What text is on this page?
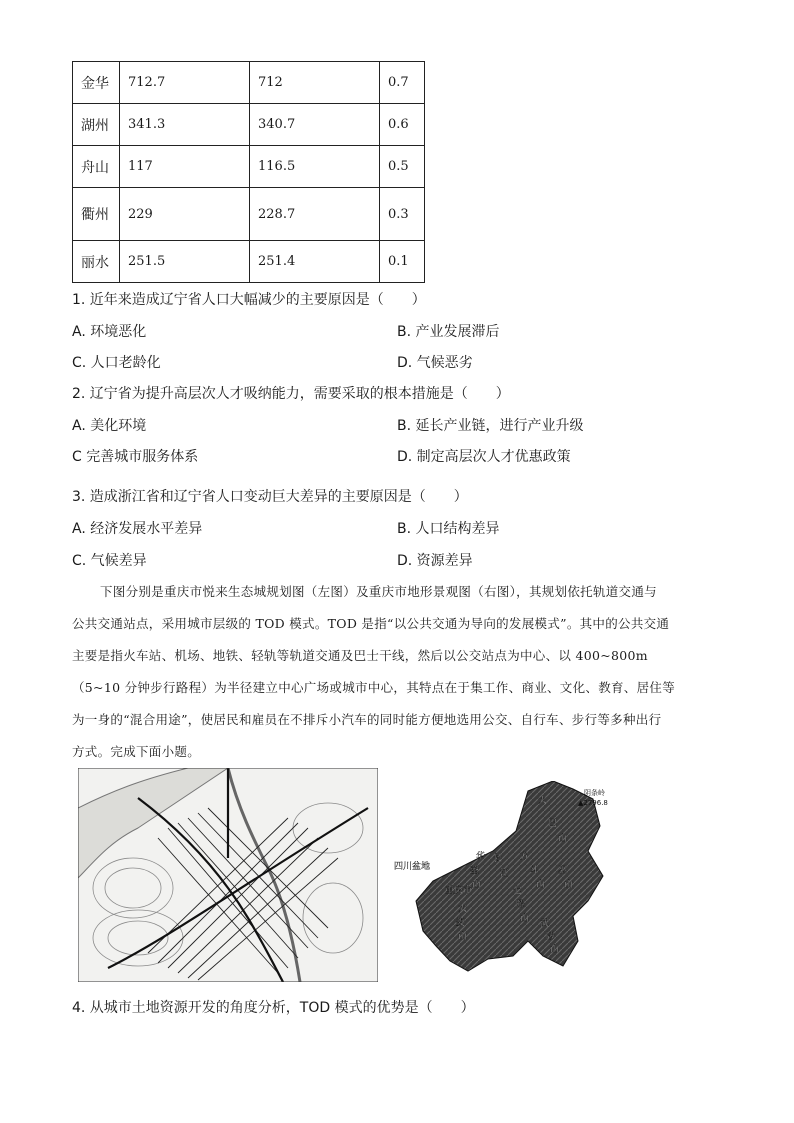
金华	712.7	712	0.7
湖州	341.3	340.7	0.6
舟山	117	116.5	0.5
衢州	229	228.7	0.3
丽水	251.5	251.4	0.1
1. 近年来造成辽宁省人口大幅减少的主要原因是（　　）
A. 环境恶化	B. 产业发展滞后
C. 人口老龄化	D. 气候恶劣
2. 辽宁省为提升高层次人才吸纳能力，需要采取的根本措施是（　　）
A. 美化环境	B. 延长产业链，进行产业升级
C 完善城市服务体系	D. 制定高层次人才优惠政策
3. 造成浙江省和辽宁省人口变动巨大差异的主要原因是（　　）
A. 经济发展水平差异	B. 人口结构差异
C. 气候差异	D. 资源差异
下图分别是重庆市悦来生态城规划图（左图）及重庆市地形景观图（右图），其规划依托轨道交通与
公共交通站点，采用城市层级的 TOD 模式。TOD 是指“以公共交通为导向的发展模式”。其中的公共交通
主要是指火车站、机场、地铁、轻轨等轨道交通及巴士干线，然后以公交站点为中心、以 400~800m
（5~10 分钟步行路程）为半径建立中心广场或城市中心，其特点在于集工作、商业、文化、教育、居住等
为一身的“混合用途”，使居民和雇员在不排斥小汽车的同时能方便地选用公交、自行车、步行等多种出行
方式。完成下面小题。
阴条岭
▲2796.8
大
巴
山
华
蓥
山
四川盆地
重庆市
长
江
方
斗
山
七
曜
山
巫
山
武
陵
山
大
娄
山
4. 从城市土地资源开发的角度分析，TOD 模式的优势是（　　）
